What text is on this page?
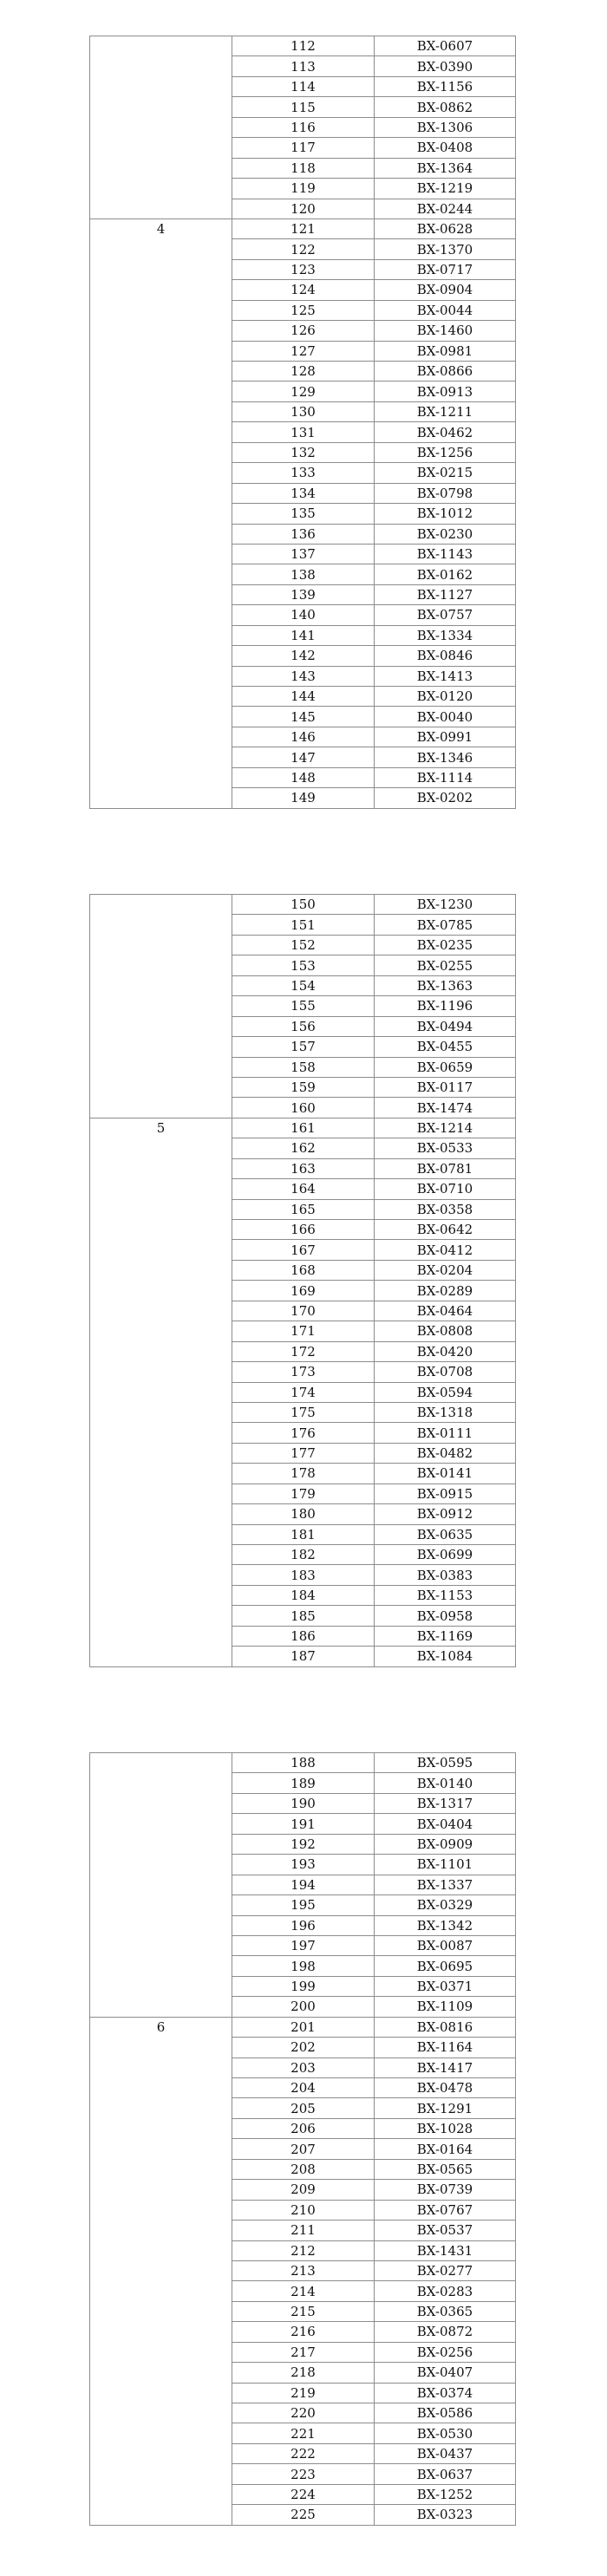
	112	BX-0607
	113	BX-0390
	114	BX-1156
	115	BX-0862
	116	BX-1306
	117	BX-0408
	118	BX-1364
	119	BX-1219
	120	BX-0244

4	121	BX-0628
	122	BX-1370
	123	BX-0717
	124	BX-0904
	125	BX-0044
	126	BX-1460
	127	BX-0981
	128	BX-0866
	129	BX-0913
	130	BX-1211
	131	BX-0462
	132	BX-1256
	133	BX-0215
	134	BX-0798
	135	BX-1012
	136	BX-0230
	137	BX-1143
	138	BX-0162
	139	BX-1127
	140	BX-0757
	141	BX-1334
	142	BX-0846
	143	BX-1413
	144	BX-0120
	145	BX-0040
	146	BX-0991
	147	BX-1346
	148	BX-1114
	149	BX-0202
	150	BX-1230
	151	BX-0785
	152	BX-0235
	153	BX-0255
	154	BX-1363
	155	BX-1196
	156	BX-0494
	157	BX-0455
	158	BX-0659
	159	BX-0117
	160	BX-1474

5	161	BX-1214
	162	BX-0533
	163	BX-0781
	164	BX-0710
	165	BX-0358
	166	BX-0642
	167	BX-0412
	168	BX-0204
	169	BX-0289
	170	BX-0464
	171	BX-0808
	172	BX-0420
	173	BX-0708
	174	BX-0594
	175	BX-1318
	176	BX-0111
	177	BX-0482
	178	BX-0141
	179	BX-0915
	180	BX-0912
	181	BX-0635
	182	BX-0699
	183	BX-0383
	184	BX-1153
	185	BX-0958
	186	BX-1169
	187	BX-1084
	188	BX-0595
	189	BX-0140
	190	BX-1317
	191	BX-0404
	192	BX-0909
	193	BX-1101
	194	BX-1337
	195	BX-0329
	196	BX-1342
	197	BX-0087
	198	BX-0695
	199	BX-0371
	200	BX-1109

6	201	BX-0816
	202	BX-1164
	203	BX-1417
	204	BX-0478
	205	BX-1291
	206	BX-1028
	207	BX-0164
	208	BX-0565
	209	BX-0739
	210	BX-0767
	211	BX-0537
	212	BX-1431
	213	BX-0277
	214	BX-0283
	215	BX-0365
	216	BX-0872
	217	BX-0256
	218	BX-0407
	219	BX-0374
	220	BX-0586
	221	BX-0530
	222	BX-0437
	223	BX-0637
	224	BX-1252
	225	BX-0323
